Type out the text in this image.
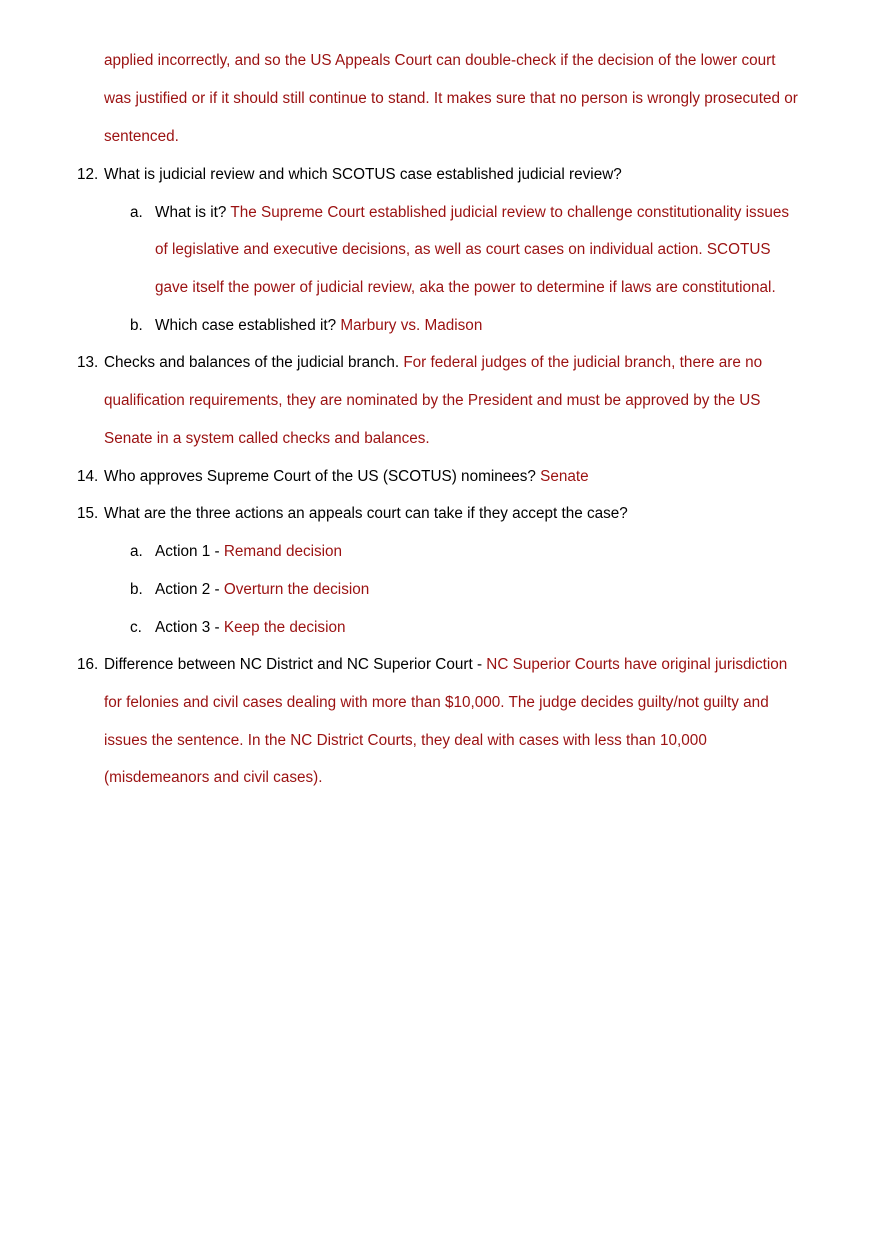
applied incorrectly, and so the US Appeals Court can double-check if the decision of the lower court
was justified or if it should still continue to stand. It makes sure that no person is wrongly prosecuted or
sentenced.
12. What is judicial review and which SCOTUS case established judicial review?
a. What is it? The Supreme Court established judicial review to challenge constitutionality issues
of legislative and executive decisions, as well as court cases on individual action. SCOTUS
gave itself the power of judicial review, aka the power to determine if laws are constitutional.
b. Which case established it? Marbury vs. Madison
13. Checks and balances of the judicial branch. For federal judges of the judicial branch, there are no
qualification requirements, they are nominated by the President and must be approved by the US
Senate in a system called checks and balances.
14. Who approves Supreme Court of the US (SCOTUS) nominees? Senate
15. What are the three actions an appeals court can take if they accept the case?
a. Action 1 - Remand decision
b. Action 2 - Overturn the decision
c. Action 3 - Keep the decision
16. Difference between NC District and NC Superior Court - NC Superior Courts have original jurisdiction
for felonies and civil cases dealing with more than $10,000. The judge decides guilty/not guilty and
issues the sentence. In the NC District Courts, they deal with cases with less than 10,000
(misdemeanors and civil cases).
